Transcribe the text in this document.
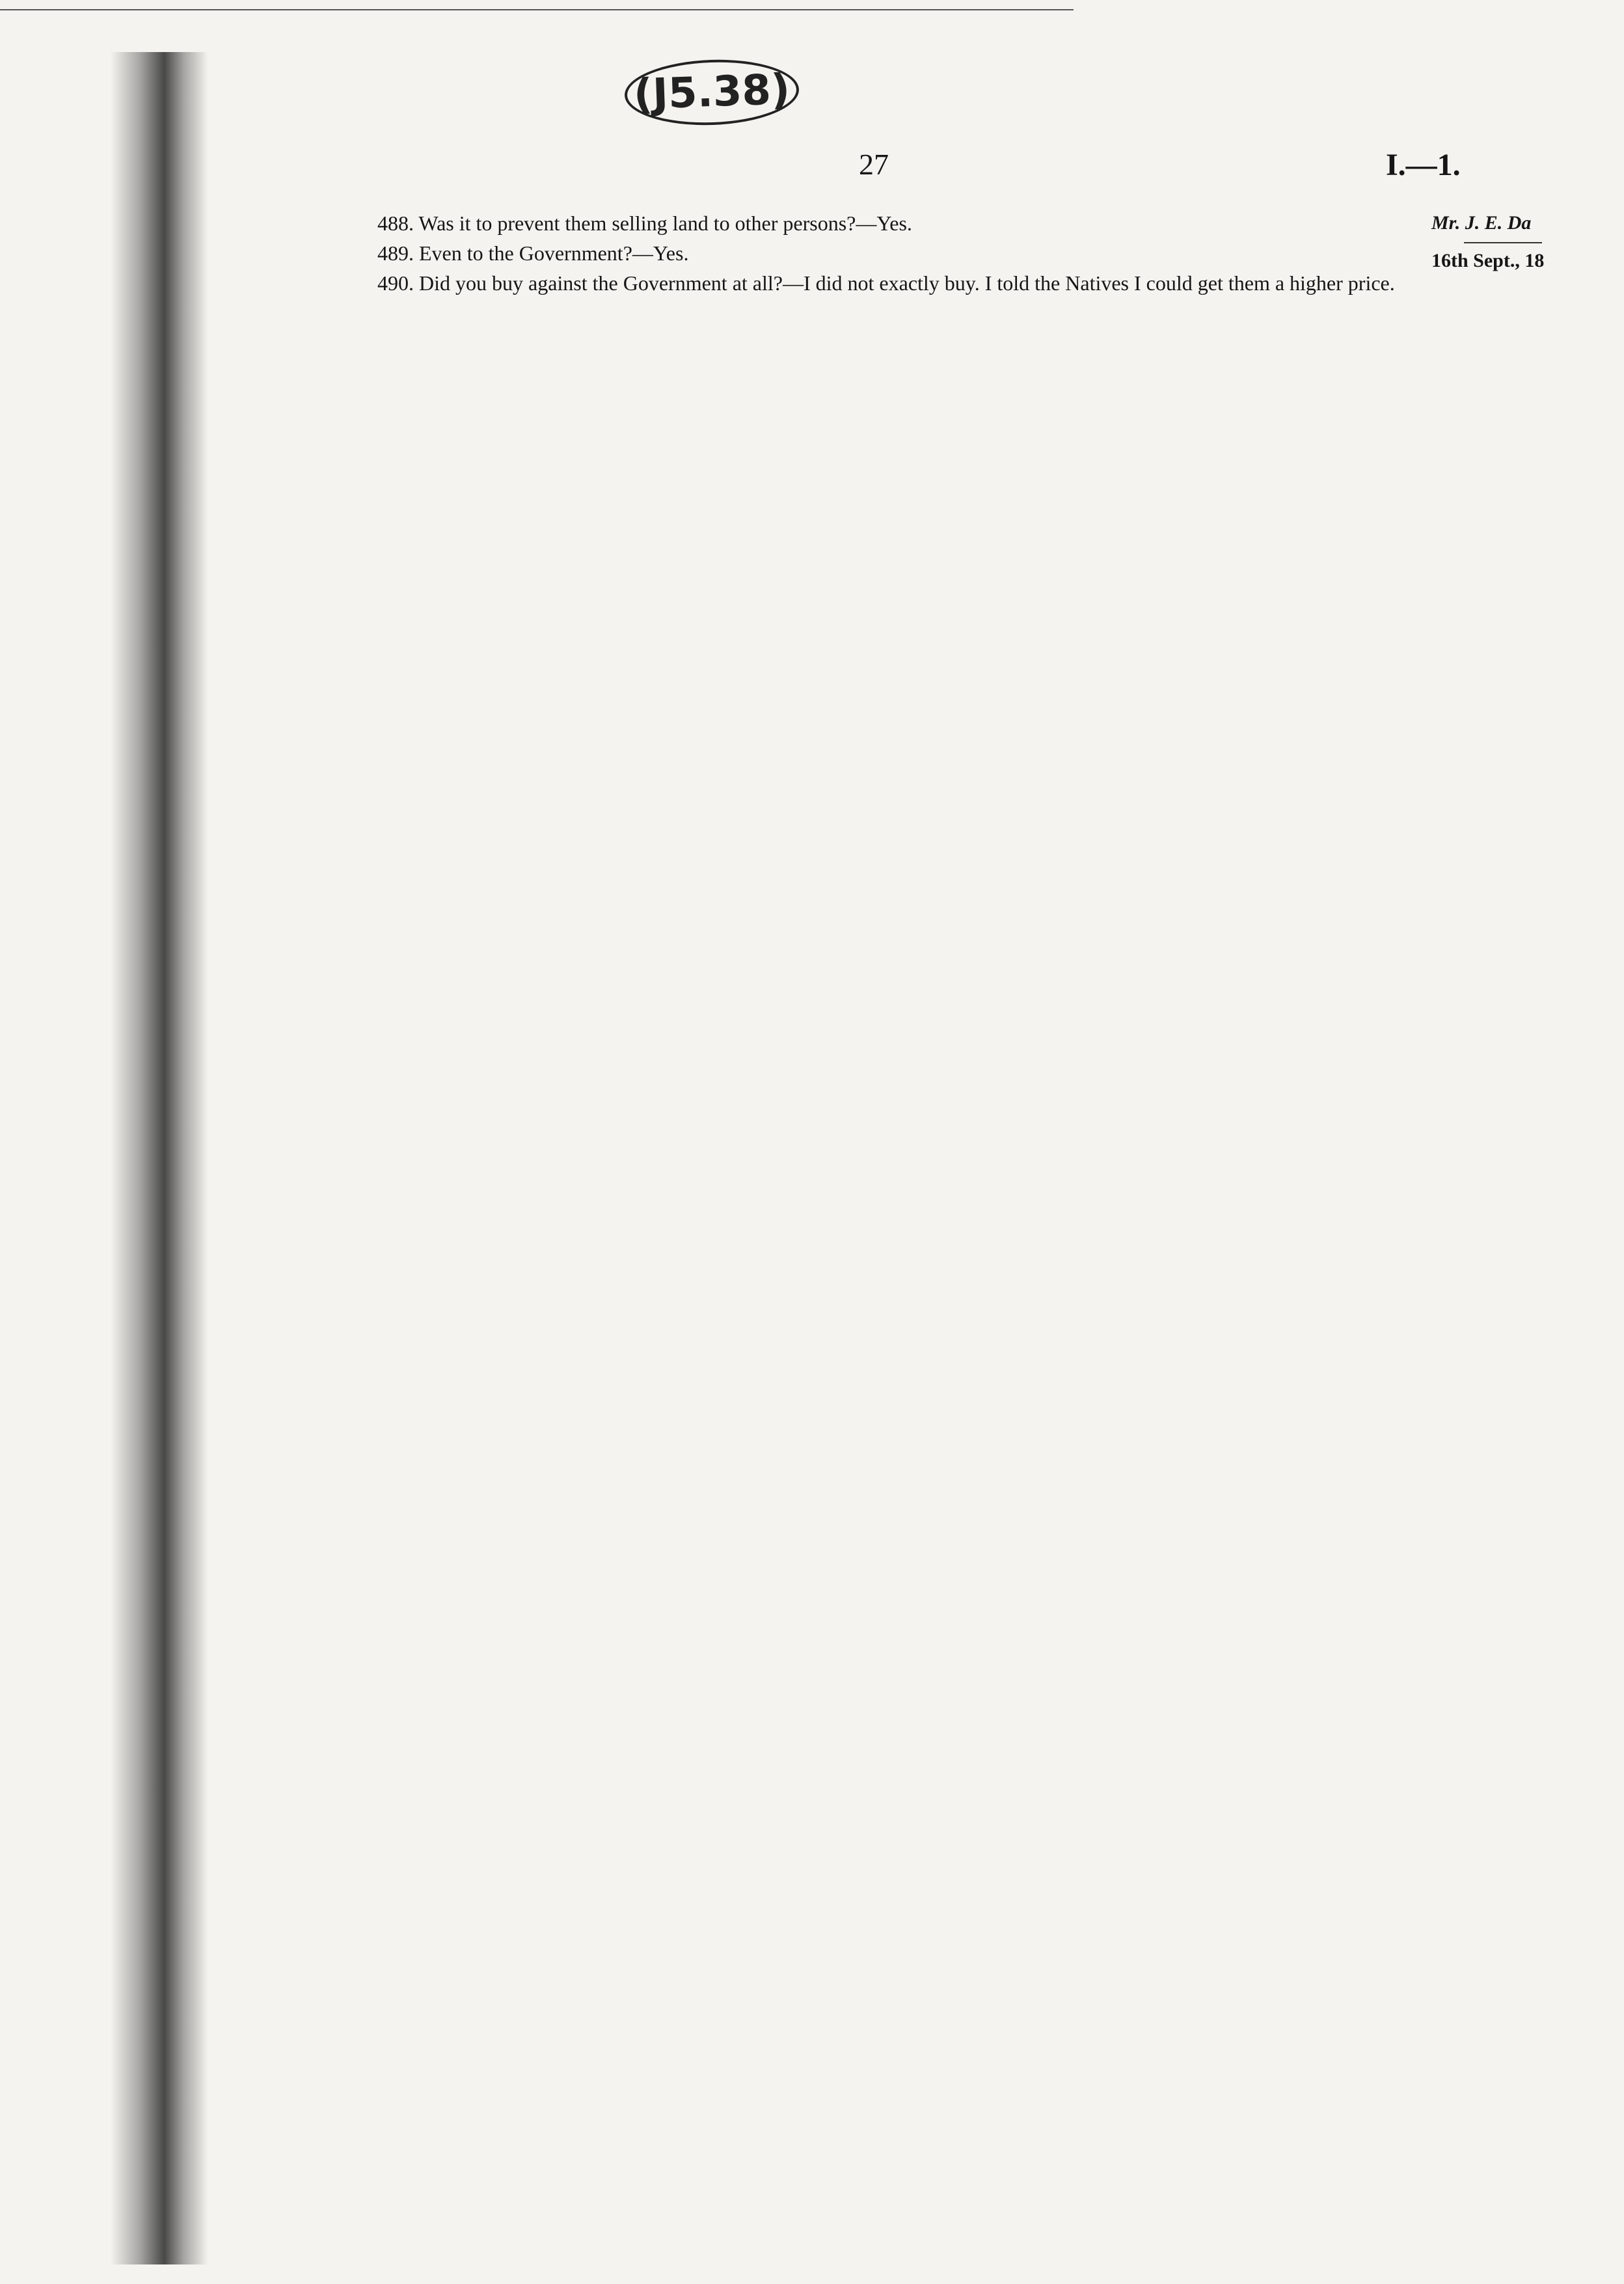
(J5.38)
27	I.—1.
Mr. J. E. Da
16th Sept., 18

488. Was it to prevent them selling land to other persons?—Yes.

489. Even to the Government?—Yes.

490. Did you buy against the Government at all?—I did not exactly buy. I told the Natives I could get them a higher price.
